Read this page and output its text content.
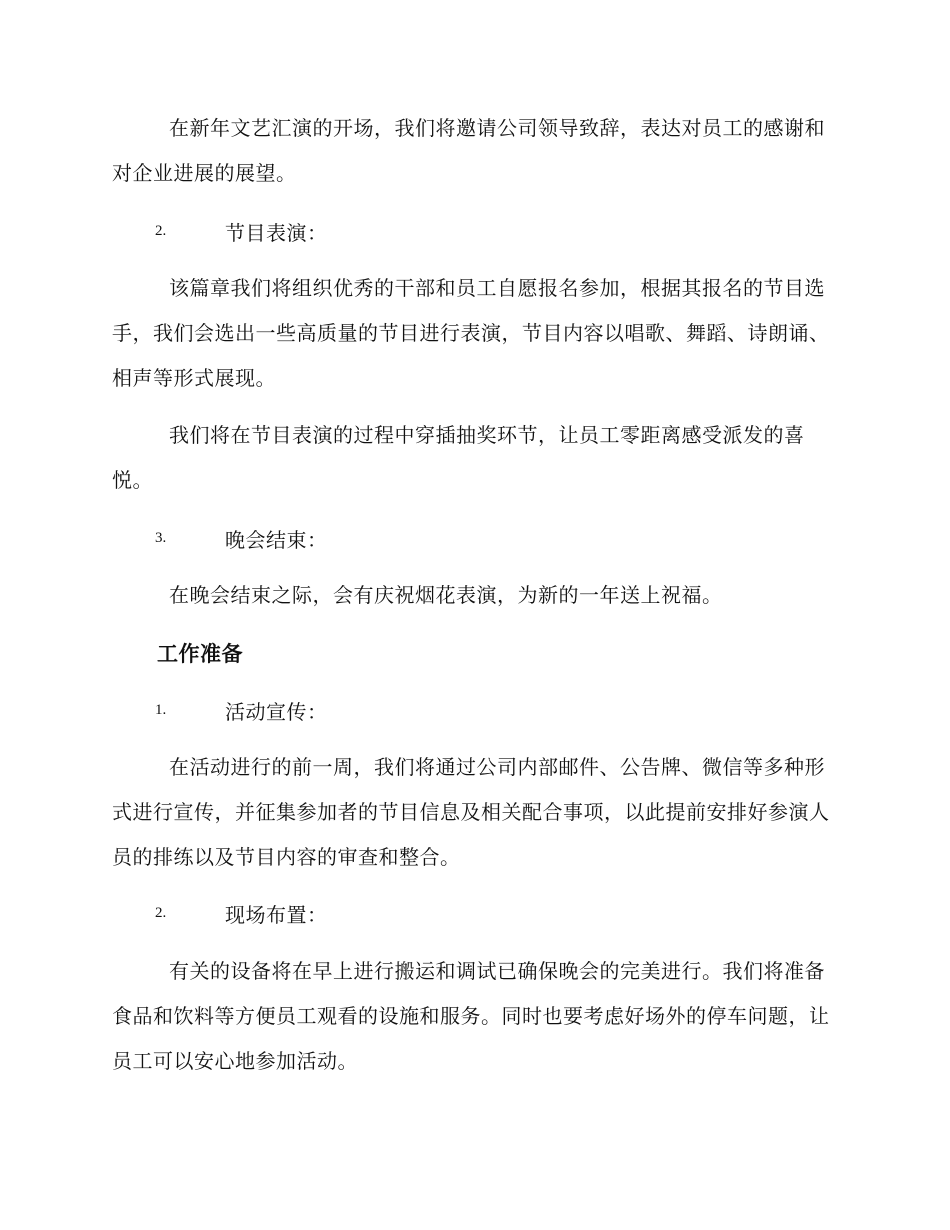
在新年文艺汇演的开场，我们将邀请公司领导致辞，表达对员工的感谢和对企业进展的展望。

2.	节目表演：

该篇章我们将组织优秀的干部和员工自愿报名参加，根据其报名的节目选手，我们会选出一些高质量的节目进行表演，节目内容以唱歌、舞蹈、诗朗诵、相声等形式展现。

我们将在节目表演的过程中穿插抽奖环节，让员工零距离感受派发的喜悦。

3.	晚会结束：

在晚会结束之际，会有庆祝烟花表演，为新的一年送上祝福。

工作准备
1.	活动宣传：

在活动进行的前一周，我们将通过公司内部邮件、公告牌、微信等多种形式进行宣传，并征集参加者的节目信息及相关配合事项，以此提前安排好参演人员的排练以及节目内容的审查和整合。

2.	现场布置：

有关的设备将在早上进行搬运和调试已确保晚会的完美进行。我们将准备食品和饮料等方便员工观看的设施和服务。同时也要考虑好场外的停车问题，让员工可以安心地参加活动。
